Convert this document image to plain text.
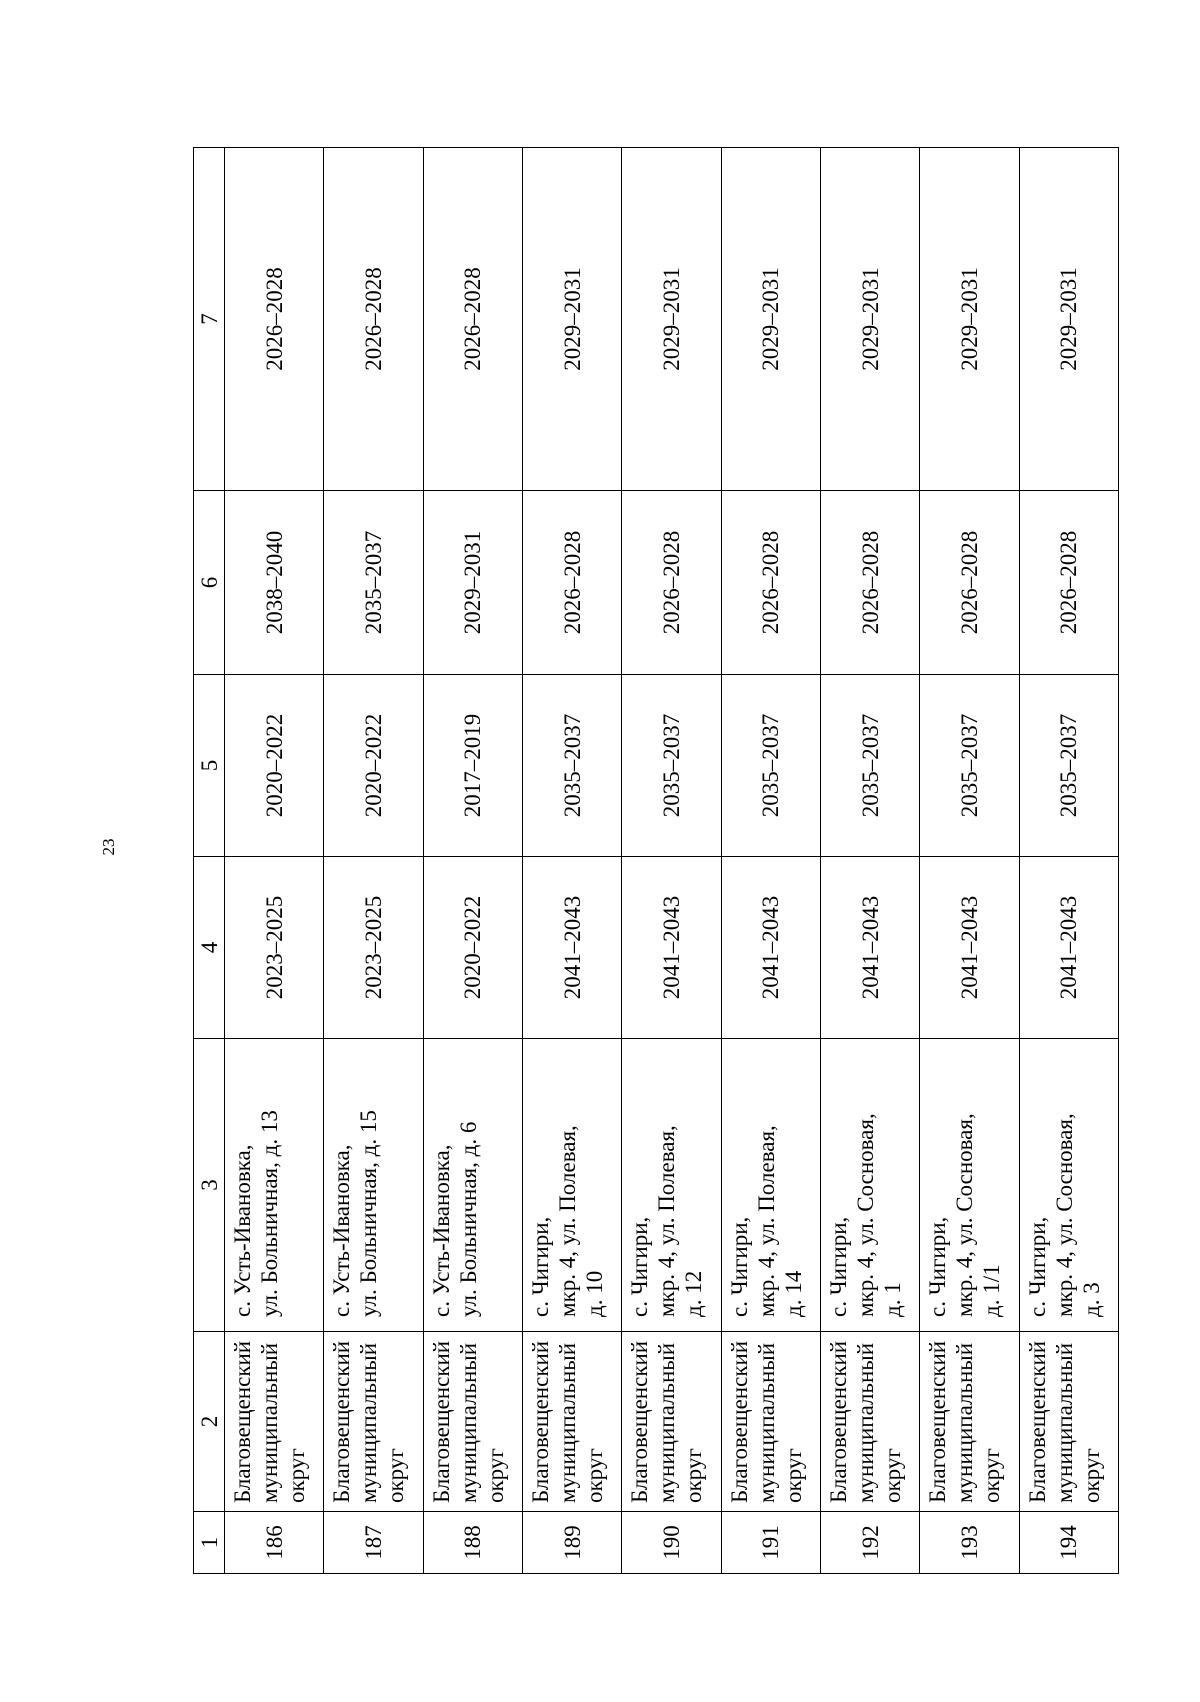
23
1	2	3	4	5	6	7
186	Благовещенский муниципальный округ	с. Усть-Ивановка, ул. Больничная, д. 13	2023–2025	2020–2022	2038–2040	2026–2028
187	Благовещенский муниципальный округ	с. Усть-Ивановка, ул. Больничная, д. 15	2023–2025	2020–2022	2035–2037	2026–2028
188	Благовещенский муниципальный округ	с. Усть-Ивановка, ул. Больничная, д. 6	2020–2022	2017–2019	2029–2031	2026–2028
189	Благовещенский муниципальный округ	с. Чигири, мкр. 4, ул. Полевая, д. 10	2041–2043	2035–2037	2026–2028	2029–2031
190	Благовещенский муниципальный округ	с. Чигири, мкр. 4, ул. Полевая, д. 12	2041–2043	2035–2037	2026–2028	2029–2031
191	Благовещенский муниципальный округ	с. Чигири, мкр. 4, ул. Полевая, д. 14	2041–2043	2035–2037	2026–2028	2029–2031
192	Благовещенский муниципальный округ	с. Чигири, мкр. 4, ул. Сосновая, д. 1	2041–2043	2035–2037	2026–2028	2029–2031
193	Благовещенский муниципальный округ	с. Чигири, мкр. 4, ул. Сосновая, д. 1/1	2041–2043	2035–2037	2026–2028	2029–2031
194	Благовещенский муниципальный округ	с. Чигири, мкр. 4, ул. Сосновая, д. 3	2041–2043	2035–2037	2026–2028	2029–2031
